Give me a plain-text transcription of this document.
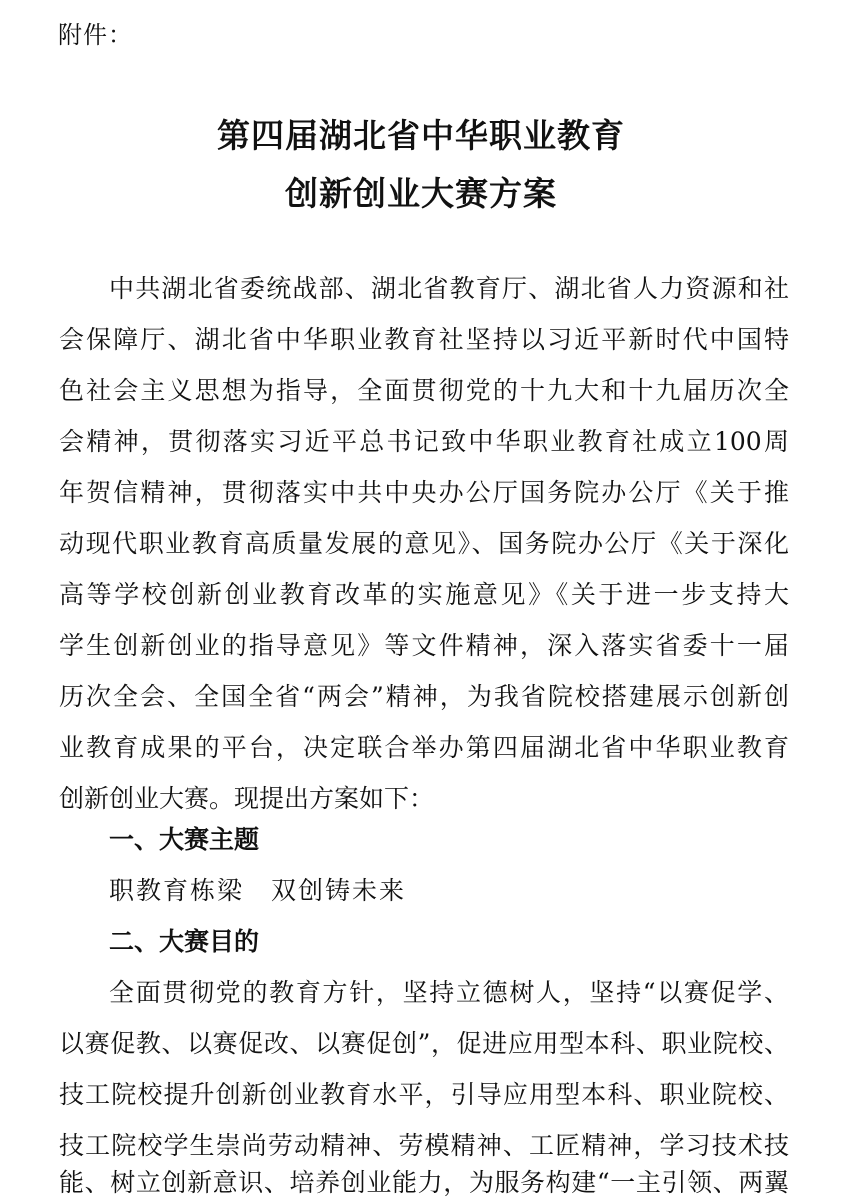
附件：
第四届湖北省中华职业教育
创新创业大赛方案
中共湖北省委统战部、湖北省教育厅、湖北省人力资源和社
会保障厅、湖北省中华职业教育社坚持以习近平新时代中国特
色社会主义思想为指导，全面贯彻党的十九大和十九届历次全
会精神，贯彻落实习近平总书记致中华职业教育社成立100周
年贺信精神，贯彻落实中共中央办公厅国务院办公厅《关于推
动现代职业教育高质量发展的意见》、国务院办公厅《关于深化
高等学校创新创业教育改革的实施意见》《关于进一步支持大
学生创新创业的指导意见》等文件精神，深入落实省委十一届
历次全会、全国全省“两会”精神，为我省院校搭建展示创新创
业教育成果的平台，决定联合举办第四届湖北省中华职业教育
创新创业大赛。现提出方案如下：
一、大赛主题
职教育栋梁　双创铸未来
二、大赛目的
全面贯彻党的教育方针，坚持立德树人，坚持“以赛促学、
以赛促教、以赛促改、以赛促创”，促进应用型本科、职业院校、
技工院校提升创新创业教育水平，引导应用型本科、职业院校、
技工院校学生崇尚劳动精神、劳模精神、工匠精神，学习技术技
能、树立创新意识、培养创业能力，为服务构建“一主引领、两翼
